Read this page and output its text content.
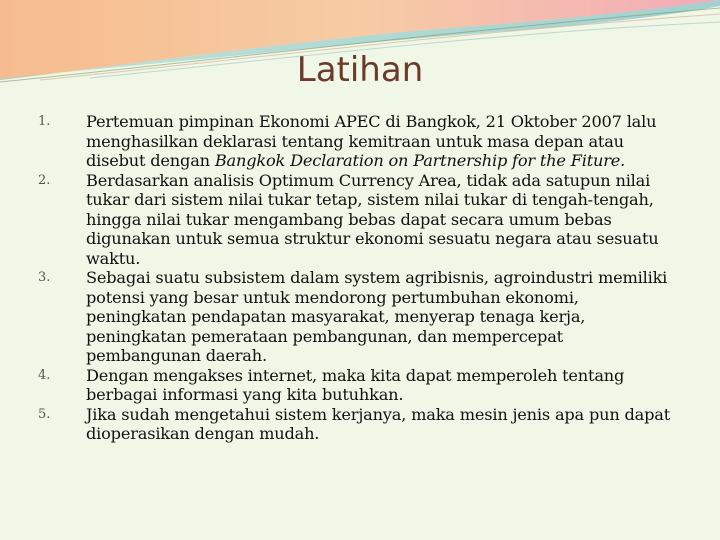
Latihan
1.	Pertemuan pimpinan Ekonomi APEC di Bangkok, 21 Oktober 2007 lalu menghasilkan deklarasi tentang kemitraan untuk masa depan atau disebut dengan Bangkok Declaration on Partnership for the Fiture.
2.	Berdasarkan analisis Optimum Currency Area, tidak ada satupun nilai tukar dari sistem nilai tukar tetap, sistem nilai tukar di tengah-tengah, hingga nilai tukar mengambang bebas dapat secara umum bebas digunakan untuk semua struktur ekonomi sesuatu negara atau sesuatu waktu.
3.	Sebagai suatu subsistem dalam system agribisnis, agroindustri memiliki potensi yang besar untuk mendorong pertumbuhan ekonomi, peningkatan pendapatan masyarakat, menyerap tenaga kerja, peningkatan pemerataan pembangunan, dan mempercepat pembangunan daerah.
4.	Dengan mengakses internet, maka kita dapat memperoleh tentang berbagai informasi yang kita butuhkan.
5.	Jika sudah mengetahui sistem kerjanya, maka mesin jenis apa pun dapat dioperasikan dengan mudah.
